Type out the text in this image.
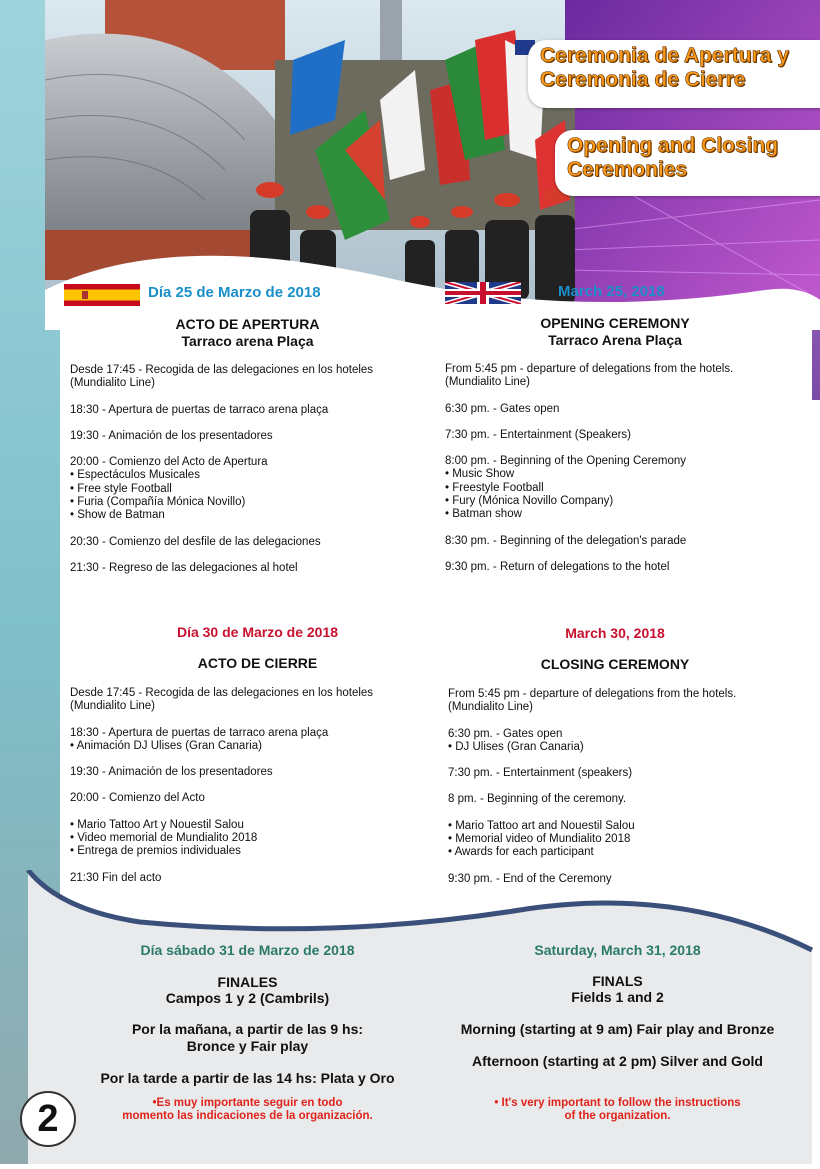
Ceremonia de Apertura y Ceremonia de Cierre
Opening and Closing Ceremonies
Día 25 de Marzo de 2018
ACTO DE APERTURA
Tarraco arena Plaça
Desde 17:45 - Recogida de las delegaciones en los hoteles
(Mundialito Line)
18:30 - Apertura de puertas de tarraco arena plaça
19:30 - Animación de los presentadores
20:00 - Comienzo del Acto de Apertura
• Espectáculos Musicales
• Free style Football
• Furia (Compañía Mónica Novillo)
• Show de Batman
20:30 - Comienzo del desfile de las delegaciones
21:30 - Regreso de las delegaciones al hotel
March 25, 2018
OPENING CEREMONY
Tarraco Arena Plaça
From 5:45 pm - departure of delegations from the hotels.
(Mundialito Line)
6:30 pm. - Gates open
7:30 pm. - Entertainment (Speakers)
8:00 pm. - Beginning of the Opening Ceremony
• Music Show
• Freestyle Football
• Fury (Mónica Novillo Company)
• Batman show
8:30 pm. - Beginning of the delegation's parade
9:30 pm. - Return of delegations to the hotel
Día 30 de Marzo de 2018
ACTO DE CIERRE
Desde 17:45 - Recogida de las delegaciones en los hoteles
(Mundialito Line)
18:30 - Apertura de puertas de tarraco arena plaça
• Animación DJ Ulises (Gran Canaria)
19:30 - Animación de los presentadores
20:00 - Comienzo del Acto
• Mario Tattoo Art y Nouestil Salou
• Video memorial de Mundialito 2018
• Entrega de premios individuales
21:30 Fin del acto
March 30, 2018
CLOSING CEREMONY
From 5:45 pm - departure of delegations from the hotels.
(Mundialito Line)
6:30 pm. - Gates open
• DJ Ulises (Gran Canaria)
7:30 pm. - Entertainment (speakers)
8 pm. - Beginning of the ceremony.
• Mario Tattoo art and Nouestil Salou
• Memorial video of Mundialito 2018
• Awards for each participant
9:30 pm. - End of the Ceremony
Día sábado 31 de Marzo de 2018
FINALES
Campos 1 y 2 (Cambrils)
Por la mañana, a partir de las 9 hs:
Bronce y Fair play
Por la tarde a partir de las 14 hs: Plata y Oro
•Es muy importante seguir en todo
momento las indicaciones de la organización.
Saturday, March 31, 2018
FINALS
Fields 1 and 2
Morning (starting at 9 am) Fair play and Bronze
Afternoon (starting at 2 pm) Silver and Gold
• It's very important to follow the instructions
of the organization.
2
